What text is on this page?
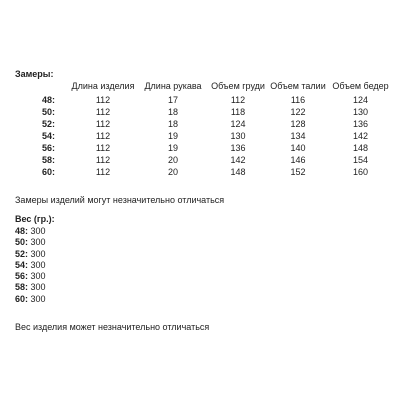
Замеры:

	Длина изделия	Длина рукава	Объем груди	Объем талии	Объем бедер
48:	112	17	112	116	124
50:	112	18	118	122	130
52:	112	18	124	128	136
54:	112	19	130	134	142
56:	112	19	136	140	148
58:	112	20	142	146	154
60:	112	20	148	152	160

Замеры изделий могут незначительно отличаться

Вес (гр.):

48: 300
50: 300
52: 300
54: 300
56: 300
58: 300
60: 300

Вес изделия может незначительно отличаться
